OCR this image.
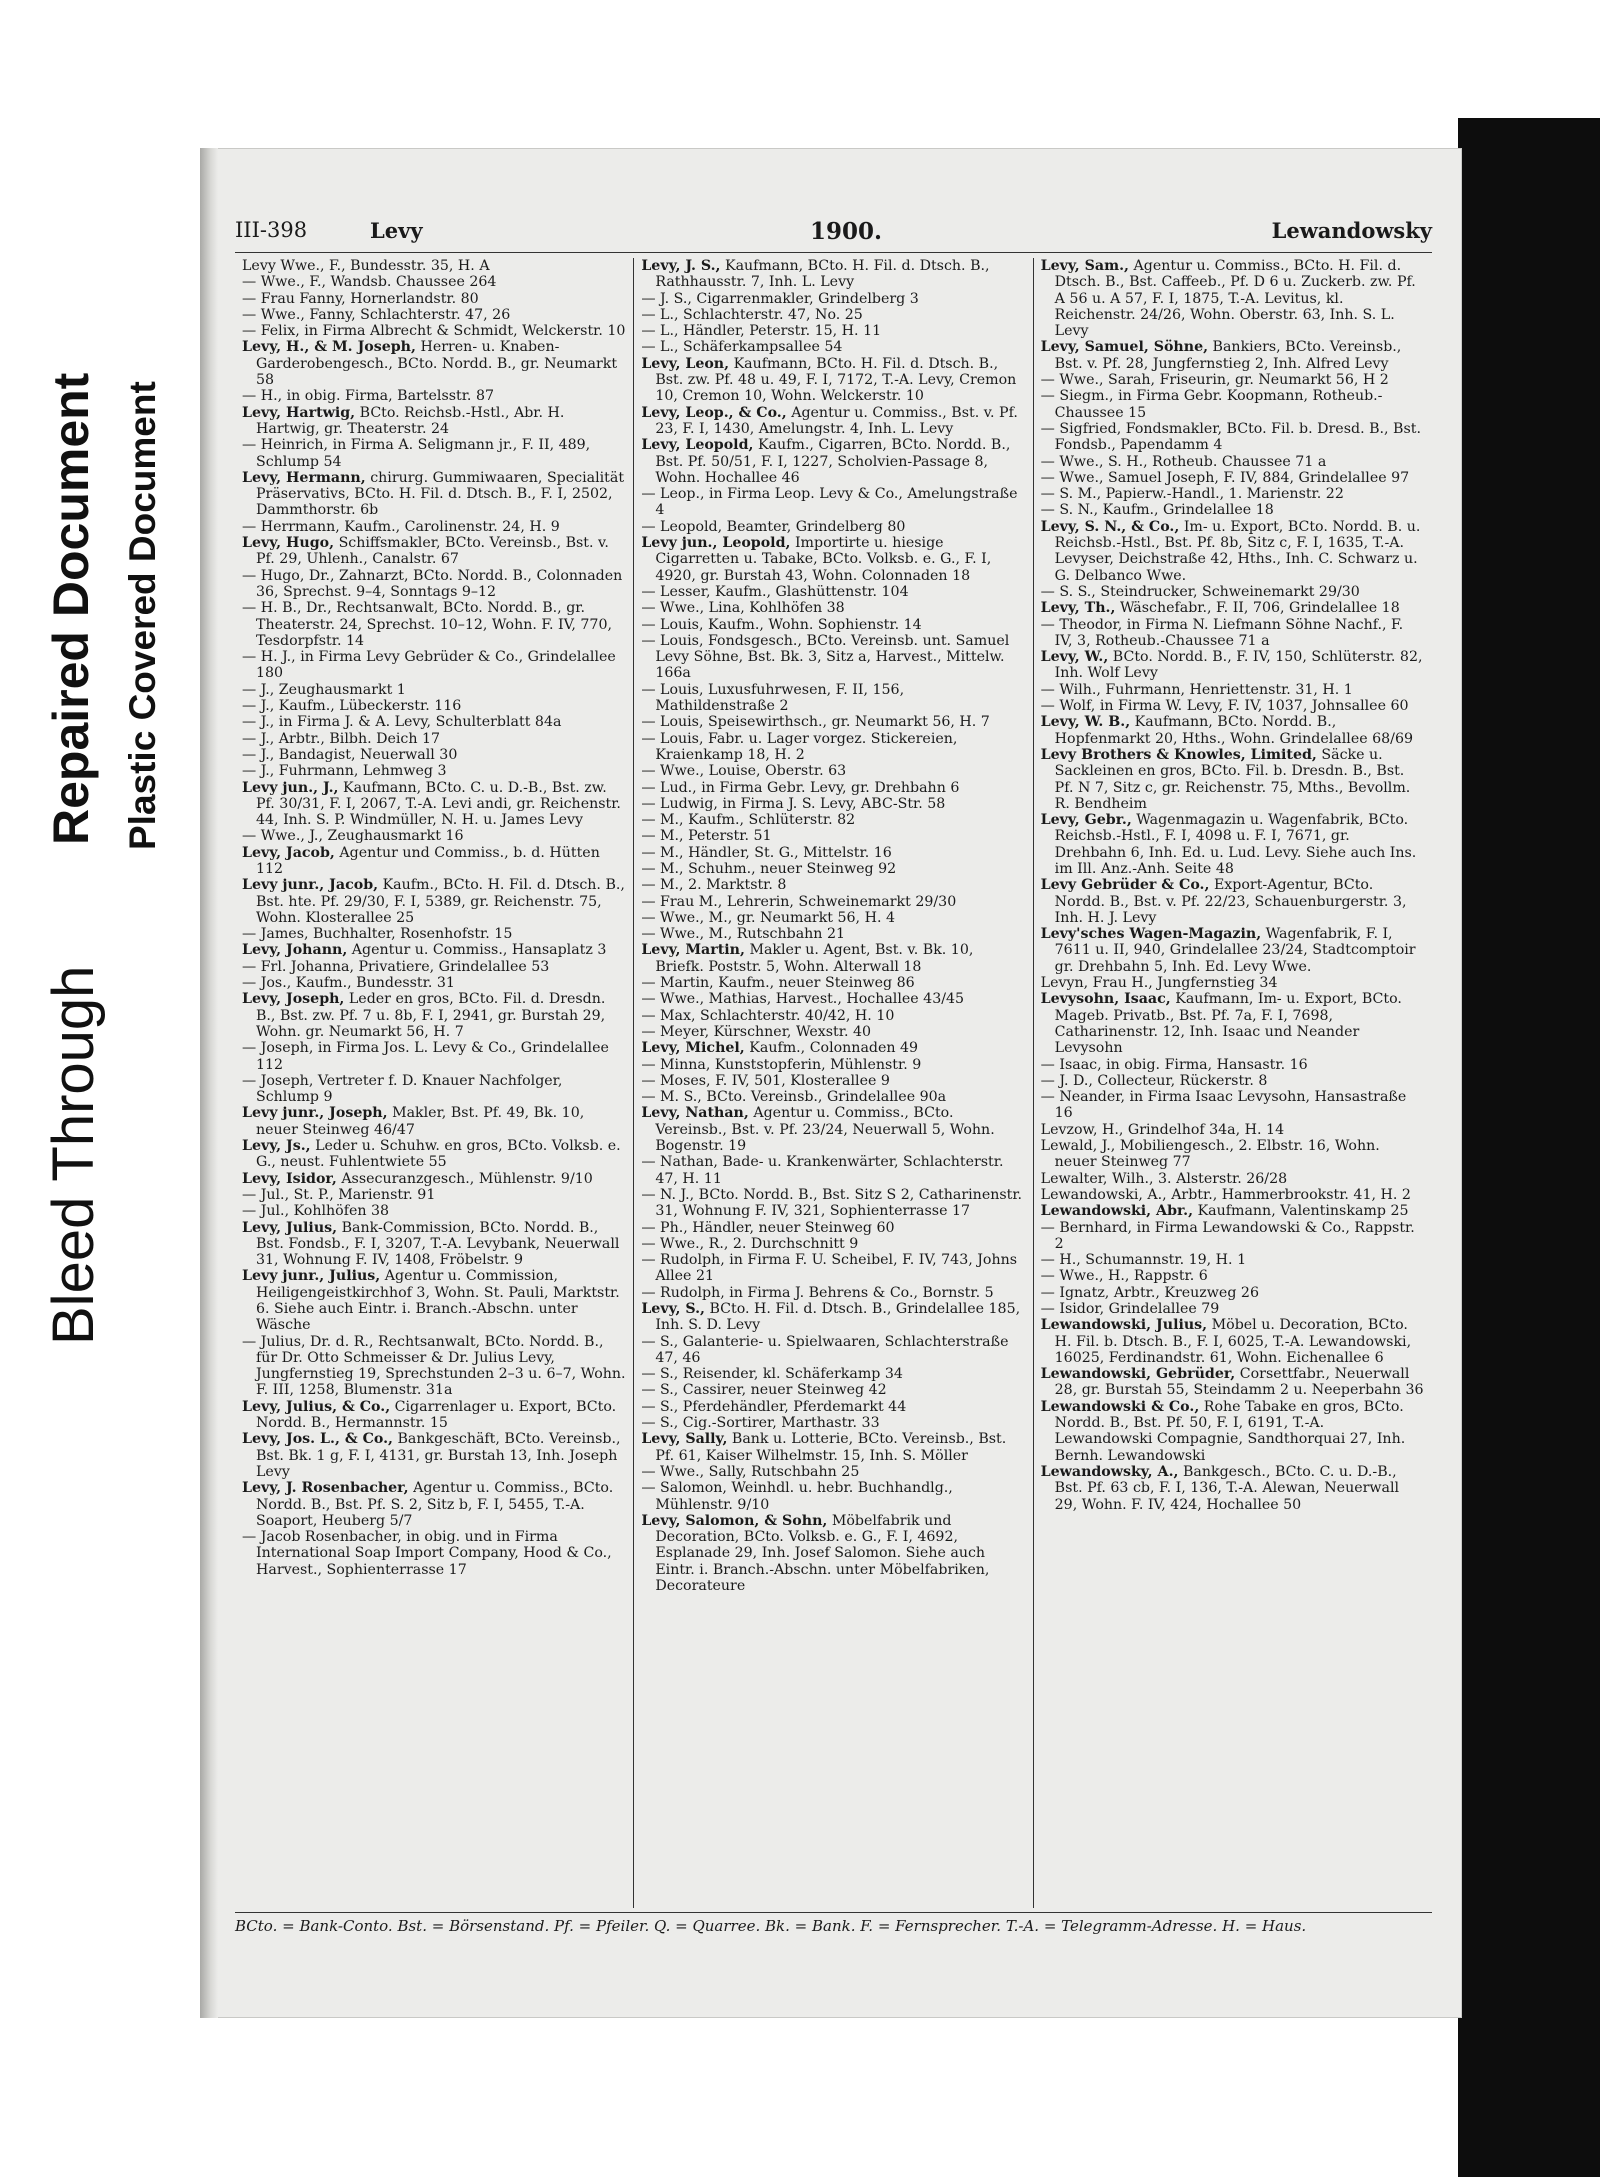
Bleed Through
Repaired Document Plastic Covered Document
III-398	Levy	1900.	Lewandowsky

Levy Wwe., F., Bundesstr. 35, H. A

— Wwe., F., Wandsb. Chaussee 264

— Frau Fanny, Hornerlandstr. 80

— Wwe., Fanny, Schlachterstr. 47, 26

— Felix, in Firma Albrecht & Schmidt, Welckerstr. 10

Levy, H., & M. Joseph, Herren- u. Knaben-Garderobengesch., BCto. Nordd. B., gr. Neumarkt 58

— H., in obig. Firma, Bartelsstr. 87

Levy, Hartwig, BCto. Reichsb.-Hstl., Abr. H. Hartwig, gr. Theaterstr. 24

— Heinrich, in Firma A. Seligmann jr., F. II, 489, Schlump 54

Levy, Hermann, chirurg. Gummiwaaren, Specialität Präservativs, BCto. H. Fil. d. Dtsch. B., F. I, 2502, Dammthorstr. 6b

— Herrmann, Kaufm., Carolinenstr. 24, H. 9

Levy, Hugo, Schiffsmakler, BCto. Vereinsb., Bst. v. Pf. 29, Uhlenh., Canalstr. 67

— Hugo, Dr., Zahnarzt, BCto. Nordd. B., Colonnaden 36, Sprechst. 9–4, Sonntags 9–12

— H. B., Dr., Rechtsanwalt, BCto. Nordd. B., gr. Theaterstr. 24, Sprechst. 10–12, Wohn. F. IV, 770, Tesdorpfstr. 14

— H. J., in Firma Levy Gebrüder & Co., Grindelallee 180

— J., Zeughausmarkt 1

— J., Kaufm., Lübeckerstr. 116

— J., in Firma J. & A. Levy, Schulterblatt 84a

— J., Arbtr., Bilbh. Deich 17

— J., Bandagist, Neuerwall 30

— J., Fuhrmann, Lehmweg 3

Levy jun., J., Kaufmann, BCto. C. u. D.-B., Bst. zw. Pf. 30/31, F. I, 2067, T.-A. Levi andi, gr. Reichenstr. 44, Inh. S. P. Windmüller, N. H. u. James Levy

— Wwe., J., Zeughausmarkt 16

Levy, Jacob, Agentur und Commiss., b. d. Hütten 112

Levy junr., Jacob, Kaufm., BCto. H. Fil. d. Dtsch. B., Bst. hte. Pf. 29/30, F. I, 5389, gr. Reichenstr. 75, Wohn. Klosterallee 25

— James, Buchhalter, Rosenhofstr. 15

Levy, Johann, Agentur u. Commiss., Hansaplatz 3

— Frl. Johanna, Privatiere, Grindelallee 53

— Jos., Kaufm., Bundesstr. 31

Levy, Joseph, Leder en gros, BCto. Fil. d. Dresdn. B., Bst. zw. Pf. 7 u. 8b, F. I, 2941, gr. Burstah 29, Wohn. gr. Neumarkt 56, H. 7

— Joseph, in Firma Jos. L. Levy & Co., Grindelallee 112

— Joseph, Vertreter f. D. Knauer Nachfolger, Schlump 9

Levy junr., Joseph, Makler, Bst. Pf. 49, Bk. 10, neuer Steinweg 46/47

Levy, Js., Leder u. Schuhw. en gros, BCto. Volksb. e. G., neust. Fuhlentwiete 55

Levy, Isidor, Assecuranzgesch., Mühlenstr. 9/10

— Jul., St. P., Marienstr. 91

— Jul., Kohlhöfen 38

Levy, Julius, Bank-Commission, BCto. Nordd. B., Bst. Fondsb., F. I, 3207, T.-A. Levybank, Neuerwall 31, Wohnung F. IV, 1408, Fröbelstr. 9

Levy junr., Julius, Agentur u. Commission, Heiligengeistkirchhof 3, Wohn. St. Pauli, Marktstr. 6. Siehe auch Eintr. i. Branch.-Abschn. unter Wäsche

— Julius, Dr. d. R., Rechtsanwalt, BCto. Nordd. B., für Dr. Otto Schmeisser & Dr. Julius Levy, Jungfernstieg 19, Sprechstunden 2–3 u. 6–7, Wohn. F. III, 1258, Blumenstr. 31a

Levy, Julius, & Co., Cigarrenlager u. Export, BCto. Nordd. B., Hermannstr. 15

Levy, Jos. L., & Co., Bankgeschäft, BCto. Vereinsb., Bst. Bk. 1 g, F. I, 4131, gr. Burstah 13, Inh. Joseph Levy

Levy, J. Rosenbacher, Agentur u. Commiss., BCto. Nordd. B., Bst. Pf. S. 2, Sitz b, F. I, 5455, T.-A. Soaport, Heuberg 5/7

— Jacob Rosenbacher, in obig. und in Firma International Soap Import Company, Hood & Co., Harvest., Sophienterrasse 17

Levy, J. S., Kaufmann, BCto. H. Fil. d. Dtsch. B., Rathhausstr. 7, Inh. L. Levy

— J. S., Cigarrenmakler, Grindelberg 3

— L., Schlachterstr. 47, No. 25

— L., Händler, Peterstr. 15, H. 11

— L., Schäferkampsallee 54

Levy, Leon, Kaufmann, BCto. H. Fil. d. Dtsch. B., Bst. zw. Pf. 48 u. 49, F. I, 7172, T.-A. Levy, Cremon 10, Cremon 10, Wohn. Welckerstr. 10

Levy, Leop., & Co., Agentur u. Commiss., Bst. v. Pf. 23, F. I, 1430, Amelungstr. 4, Inh. L. Levy

Levy, Leopold, Kaufm., Cigarren, BCto. Nordd. B., Bst. Pf. 50/51, F. I, 1227, Scholvien-Passage 8, Wohn. Hochallee 46

— Leop., in Firma Leop. Levy & Co., Amelungstraße 4

— Leopold, Beamter, Grindelberg 80

Levy jun., Leopold, Importirte u. hiesige Cigarretten u. Tabake, BCto. Volksb. e. G., F. I, 4920, gr. Burstah 43, Wohn. Colonnaden 18

— Lesser, Kaufm., Glashüttenstr. 104

— Wwe., Lina, Kohlhöfen 38

— Louis, Kaufm., Wohn. Sophienstr. 14

— Louis, Fondsgesch., BCto. Vereinsb. unt. Samuel Levy Söhne, Bst. Bk. 3, Sitz a, Harvest., Mittelw. 166a

— Louis, Luxusfuhrwesen, F. II, 156, Mathildenstraße 2

— Louis, Speisewirthsch., gr. Neumarkt 56, H. 7

— Louis, Fabr. u. Lager vorgez. Stickereien, Kraienkamp 18, H. 2

— Wwe., Louise, Oberstr. 63

— Lud., in Firma Gebr. Levy, gr. Drehbahn 6

— Ludwig, in Firma J. S. Levy, ABC-Str. 58

— M., Kaufm., Schlüterstr. 82

— M., Peterstr. 51

— M., Händler, St. G., Mittelstr. 16

— M., Schuhm., neuer Steinweg 92

— M., 2. Marktstr. 8

— Frau M., Lehrerin, Schweinemarkt 29/30

— Wwe., M., gr. Neumarkt 56, H. 4

— Wwe., M., Rutschbahn 21

Levy, Martin, Makler u. Agent, Bst. v. Bk. 10, Briefk. Poststr. 5, Wohn. Alterwall 18

— Martin, Kaufm., neuer Steinweg 86

— Wwe., Mathias, Harvest., Hochallee 43/45

— Max, Schlachterstr. 40/42, H. 10

— Meyer, Kürschner, Wexstr. 40

Levy, Michel, Kaufm., Colonnaden 49

— Minna, Kunststopferin, Mühlenstr. 9

— Moses, F. IV, 501, Klosterallee 9

— M. S., BCto. Vereinsb., Grindelallee 90a

Levy, Nathan, Agentur u. Commiss., BCto. Vereinsb., Bst. v. Pf. 23/24, Neuerwall 5, Wohn. Bogenstr. 19

— Nathan, Bade- u. Krankenwärter, Schlachterstr. 47, H. 11

— N. J., BCto. Nordd. B., Bst. Sitz S 2, Catharinenstr. 31, Wohnung F. IV, 321, Sophienterrasse 17

— Ph., Händler, neuer Steinweg 60

— Wwe., R., 2. Durchschnitt 9

— Rudolph, in Firma F. U. Scheibel, F. IV, 743, Johns Allee 21

— Rudolph, in Firma J. Behrens & Co., Bornstr. 5

Levy, S., BCto. H. Fil. d. Dtsch. B., Grindelallee 185, Inh. S. D. Levy

— S., Galanterie- u. Spielwaaren, Schlachterstraße 47, 46

— S., Reisender, kl. Schäferkamp 34

— S., Cassirer, neuer Steinweg 42

— S., Pferdehändler, Pferdemarkt 44

— S., Cig.-Sortirer, Marthastr. 33

Levy, Sally, Bank u. Lotterie, BCto. Vereinsb., Bst. Pf. 61, Kaiser Wilhelmstr. 15, Inh. S. Möller

— Wwe., Sally, Rutschbahn 25

— Salomon, Weinhdl. u. hebr. Buchhandlg., Mühlenstr. 9/10

Levy, Salomon, & Sohn, Möbelfabrik und Decoration, BCto. Volksb. e. G., F. I, 4692, Esplanade 29, Inh. Josef Salomon. Siehe auch Eintr. i. Branch.-Abschn. unter Möbelfabriken, Decorateure

Levy, Sam., Agentur u. Commiss., BCto. H. Fil. d. Dtsch. B., Bst. Caffeeb., Pf. D 6 u. Zuckerb. zw. Pf. A 56 u. A 57, F. I, 1875, T.-A. Levitus, kl. Reichenstr. 24/26, Wohn. Oberstr. 63, Inh. S. L. Levy

Levy, Samuel, Söhne, Bankiers, BCto. Vereinsb., Bst. v. Pf. 28, Jungfernstieg 2, Inh. Alfred Levy

— Wwe., Sarah, Friseurin, gr. Neumarkt 56, H 2

— Siegm., in Firma Gebr. Koopmann, Rotheub.-Chaussee 15

— Sigfried, Fondsmakler, BCto. Fil. b. Dresd. B., Bst. Fondsb., Papendamm 4

— Wwe., S. H., Rotheub. Chaussee 71 a

— Wwe., Samuel Joseph, F. IV, 884, Grindelallee 97

— S. M., Papierw.-Handl., 1. Marienstr. 22

— S. N., Kaufm., Grindelallee 18

Levy, S. N., & Co., Im- u. Export, BCto. Nordd. B. u. Reichsb.-Hstl., Bst. Pf. 8b, Sitz c, F. I, 1635, T.-A. Levyser, Deichstraße 42, Hths., Inh. C. Schwarz u. G. Delbanco Wwe.

— S. S., Steindrucker, Schweinemarkt 29/30

Levy, Th., Wäschefabr., F. II, 706, Grindelallee 18

— Theodor, in Firma N. Liefmann Söhne Nachf., F. IV, 3, Rotheub.-Chaussee 71 a

Levy, W., BCto. Nordd. B., F. IV, 150, Schlüterstr. 82, Inh. Wolf Levy

— Wilh., Fuhrmann, Henriettenstr. 31, H. 1

— Wolf, in Firma W. Levy, F. IV, 1037, Johnsallee 60

Levy, W. B., Kaufmann, BCto. Nordd. B., Hopfenmarkt 20, Hths., Wohn. Grindelallee 68/69

Levy Brothers & Knowles, Limited, Säcke u. Sackleinen en gros, BCto. Fil. b. Dresdn. B., Bst. Pf. N 7, Sitz c, gr. Reichenstr. 75, Mths., Bevollm. R. Bendheim

Levy, Gebr., Wagenmagazin u. Wagenfabrik, BCto. Reichsb.-Hstl., F. I, 4098 u. F. I, 7671, gr. Drehbahn 6, Inh. Ed. u. Lud. Levy. Siehe auch Ins. im Ill. Anz.-Anh. Seite 48

Levy Gebrüder & Co., Export-Agentur, BCto. Nordd. B., Bst. v. Pf. 22/23, Schauenburgerstr. 3, Inh. H. J. Levy

Levy'sches Wagen-Magazin, Wagenfabrik, F. I, 7611 u. II, 940, Grindelallee 23/24, Stadtcomptoir gr. Drehbahn 5, Inh. Ed. Levy Wwe.

Levyn, Frau H., Jungfernstieg 34

Levysohn, Isaac, Kaufmann, Im- u. Export, BCto. Mageb. Privatb., Bst. Pf. 7a, F. I, 7698, Catharinenstr. 12, Inh. Isaac und Neander Levysohn

— Isaac, in obig. Firma, Hansastr. 16

— J. D., Collecteur, Rückerstr. 8

— Neander, in Firma Isaac Levysohn, Hansastraße 16

Levzow, H., Grindelhof 34a, H. 14

Lewald, J., Mobiliengesch., 2. Elbstr. 16, Wohn. neuer Steinweg 77

Lewalter, Wilh., 3. Alsterstr. 26/28

Lewandowski, A., Arbtr., Hammerbrookstr. 41, H. 2

Lewandowski, Abr., Kaufmann, Valentinskamp 25

— Bernhard, in Firma Lewandowski & Co., Rappstr. 2

— H., Schumannstr. 19, H. 1

— Wwe., H., Rappstr. 6

— Ignatz, Arbtr., Kreuzweg 26

— Isidor, Grindelallee 79

Lewandowski, Julius, Möbel u. Decoration, BCto. H. Fil. b. Dtsch. B., F. I, 6025, T.-A. Lewandowski, 16025, Ferdinandstr. 61, Wohn. Eichenallee 6

Lewandowski, Gebrüder, Corsettfabr., Neuerwall 28, gr. Burstah 55, Steindamm 2 u. Neeperbahn 36

Lewandowski & Co., Rohe Tabake en gros, BCto. Nordd. B., Bst. Pf. 50, F. I, 6191, T.-A. Lewandowski Compagnie, Sandthorquai 27, Inh. Bernh. Lewandowski

Lewandowsky, A., Bankgesch., BCto. C. u. D.-B., Bst. Pf. 63 cb, F. I, 136, T.-A. Alewan, Neuerwall 29, Wohn. F. IV, 424, Hochallee 50

BCto. = Bank-Conto. Bst. = Börsenstand. Pf. = Pfeiler. Q. = Quarree. Bk. = Bank. F. = Fernsprecher. T.-A. = Telegramm-Adresse. H. = Haus.
